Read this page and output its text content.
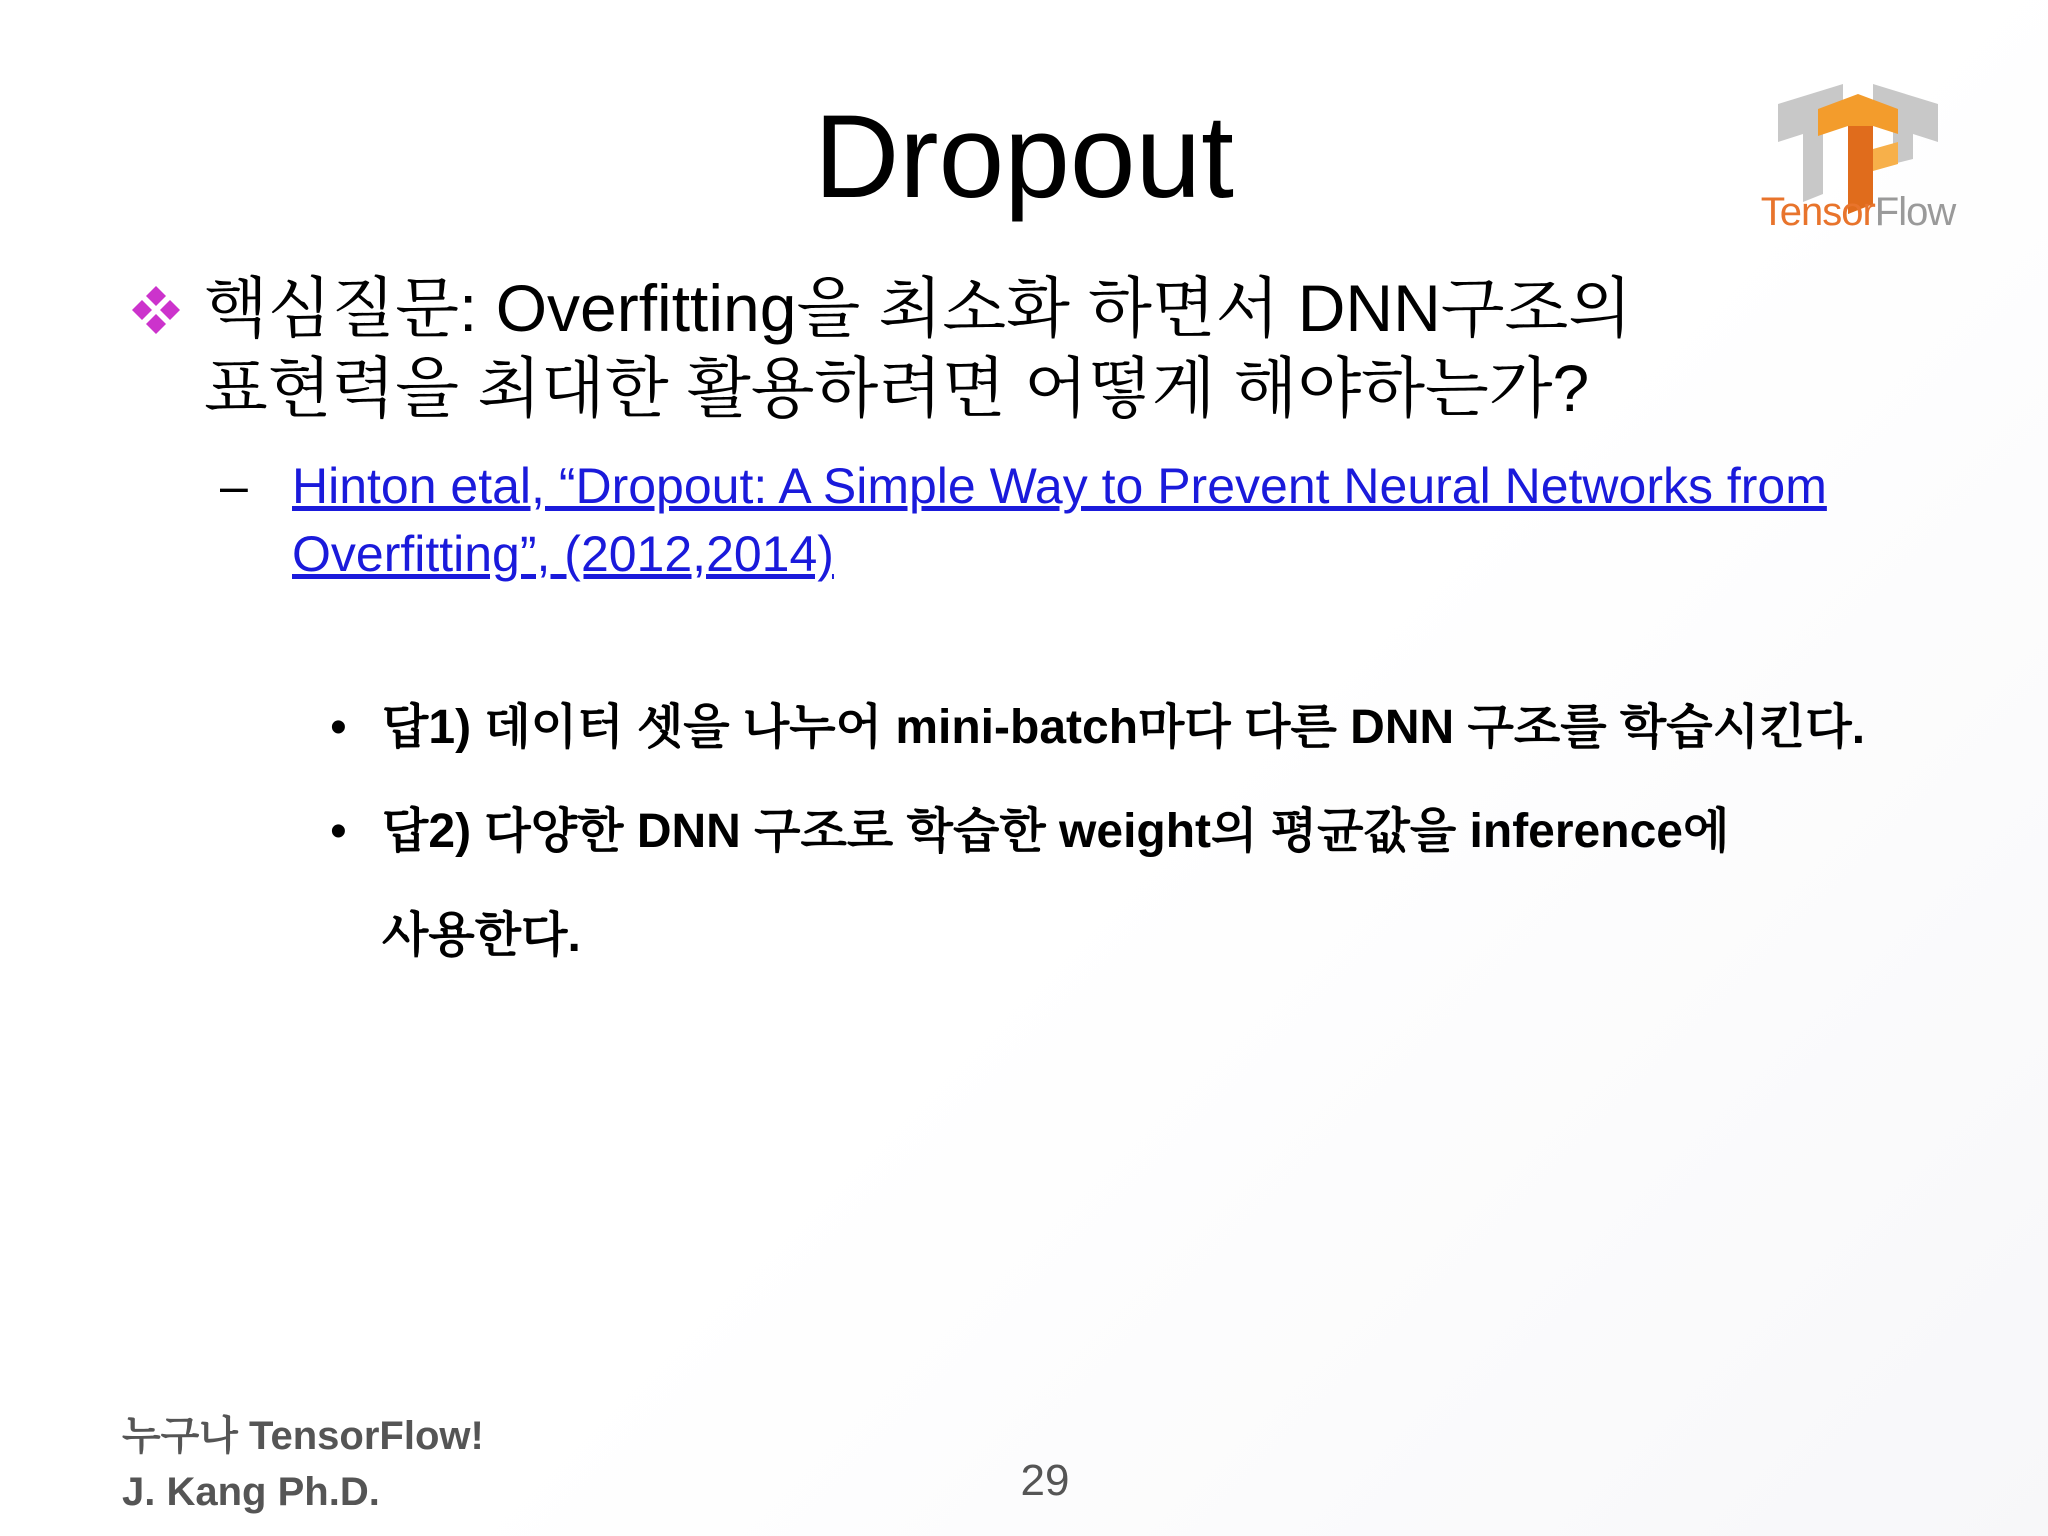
Dropout	TensorFlow
핵심질문: Overfitting을 최소화 하면서 DNN구조의
표현력을 최대한 활용하려면 어떻게 해야하는가?
– Hinton etal, “Dropout: A Simple Way to Prevent Neural Networks from
Overfitting”, (2012,2014)
• 답1) 데이터 셋을 나누어 mini-batch마다 다른 DNN 구조를 학습시킨다.
• 답2) 다양한 DNN 구조로 학습한 weight의 평균값을 inference에
사용한다.
누구나 TensorFlow!
J. Kang Ph.D.	29
